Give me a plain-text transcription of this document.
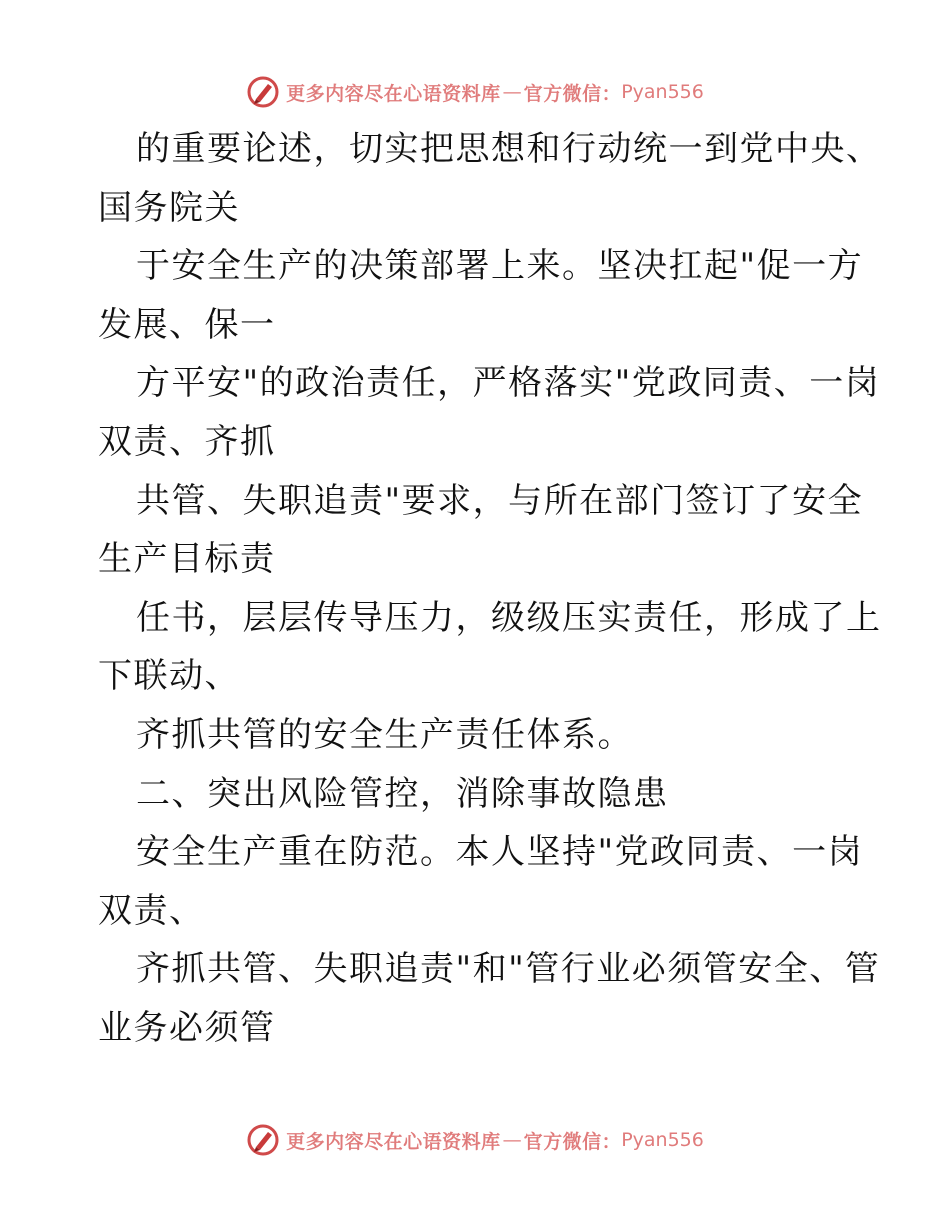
更多内容尽在心语资料库 — 官方微信： Pyan556
的重要论述，切实把思想和行动统一到党中央、
国务院关
于安全生产的决策部署上来。坚决扛起"促一方
发展、保一
方平安"的政治责任，严格落实"党政同责、一岗
双责、齐抓
共管、失职追责"要求，与所在部门签订了安全
生产目标责
任书，层层传导压力，级级压实责任，形成了上
下联动、
齐抓共管的安全生产责任体系。
二、突出风险管控，消除事故隐患
安全生产重在防范。本人坚持"党政同责、一岗
双责、
齐抓共管、失职追责"和"管行业必须管安全、管
业务必须管
更多内容尽在心语资料库 — 官方微信： Pyan556
